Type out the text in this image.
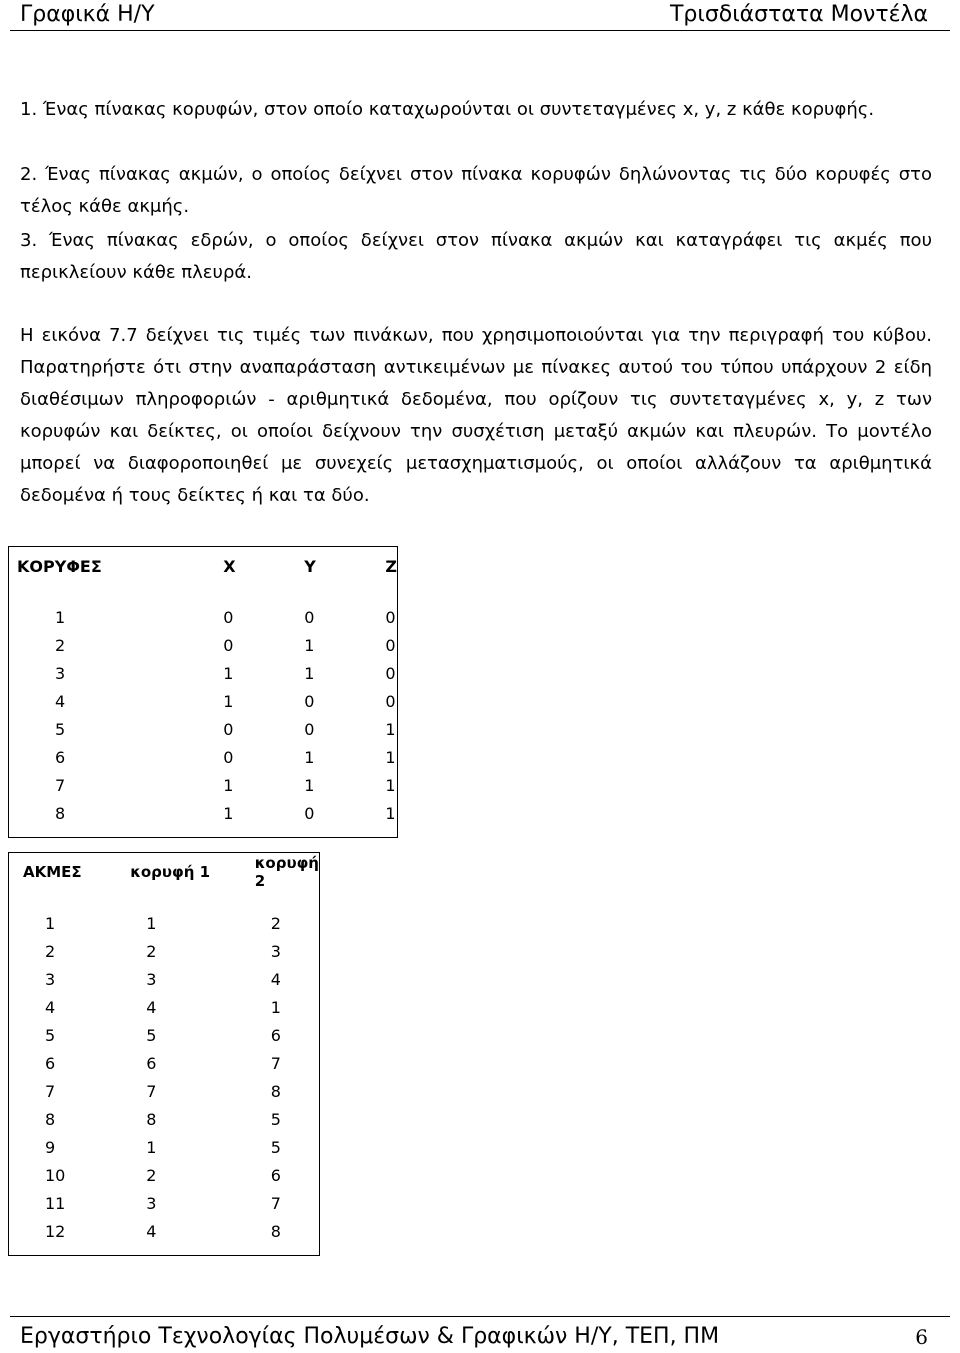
Γραφικά Η/Υ	Τρισδιάστατα Μοντέλα

1. Ένας πίνακας κορυφών, στον οποίο καταχωρούνται οι συντεταγμένες x, y, z κάθε κορυφής.

2. Ένας πίνακας ακμών, ο οποίος δείχνει στον πίνακα κορυφών δηλώνοντας τις δύο κορυφές στο τέλος κάθε ακμής.

3. Ένας πίνακας εδρών, ο οποίος δείχνει στον πίνακα ακμών και καταγράφει τις ακμές που περικλείουν κάθε πλευρά.

Η εικόνα 7.7 δείχνει τις τιμές των πινάκων, που χρησιμοποιούνται για την περιγραφή του κύβου. Παρατηρήστε ότι στην αναπαράσταση αντικειμένων με πίνακες αυτού του τύπου υπάρχουν 2 είδη διαθέσιμων πληροφοριών - αριθμητικά δεδομένα, που ορίζουν τις συντεταγμένες x, y, z των κορυφών και δείκτες, οι οποίοι δείχνουν την συσχέτιση μεταξύ ακμών και πλευρών. Το μοντέλο μπορεί να διαφοροποιηθεί με συνεχείς μετασχηματισμούς, οι οποίοι αλλάζουν τα αριθμητικά δεδομένα ή τους δείκτες ή και τα δύο.

ΚΟΡΥΦΕΣ	X	Y	Z

1	0	0	0
2	0	1	0
3	1	1	0
4	1	0	0
5	0	0	1
6	0	1	1
7	1	1	1
8	1	0	1

ΑΚΜΕΣ	κορυφή 1	κορυφή 2

1	1	2
2	2	3
3	3	4
4	4	1
5	5	6
6	6	7
7	7	8
8	8	5
9	1	5
10	2	6
11	3	7
12	4	8

Εργαστήριο Τεχνολογίας Πολυμέσων & Γραφικών Η/Υ, ΤΕΠ, ΠΜ	6
